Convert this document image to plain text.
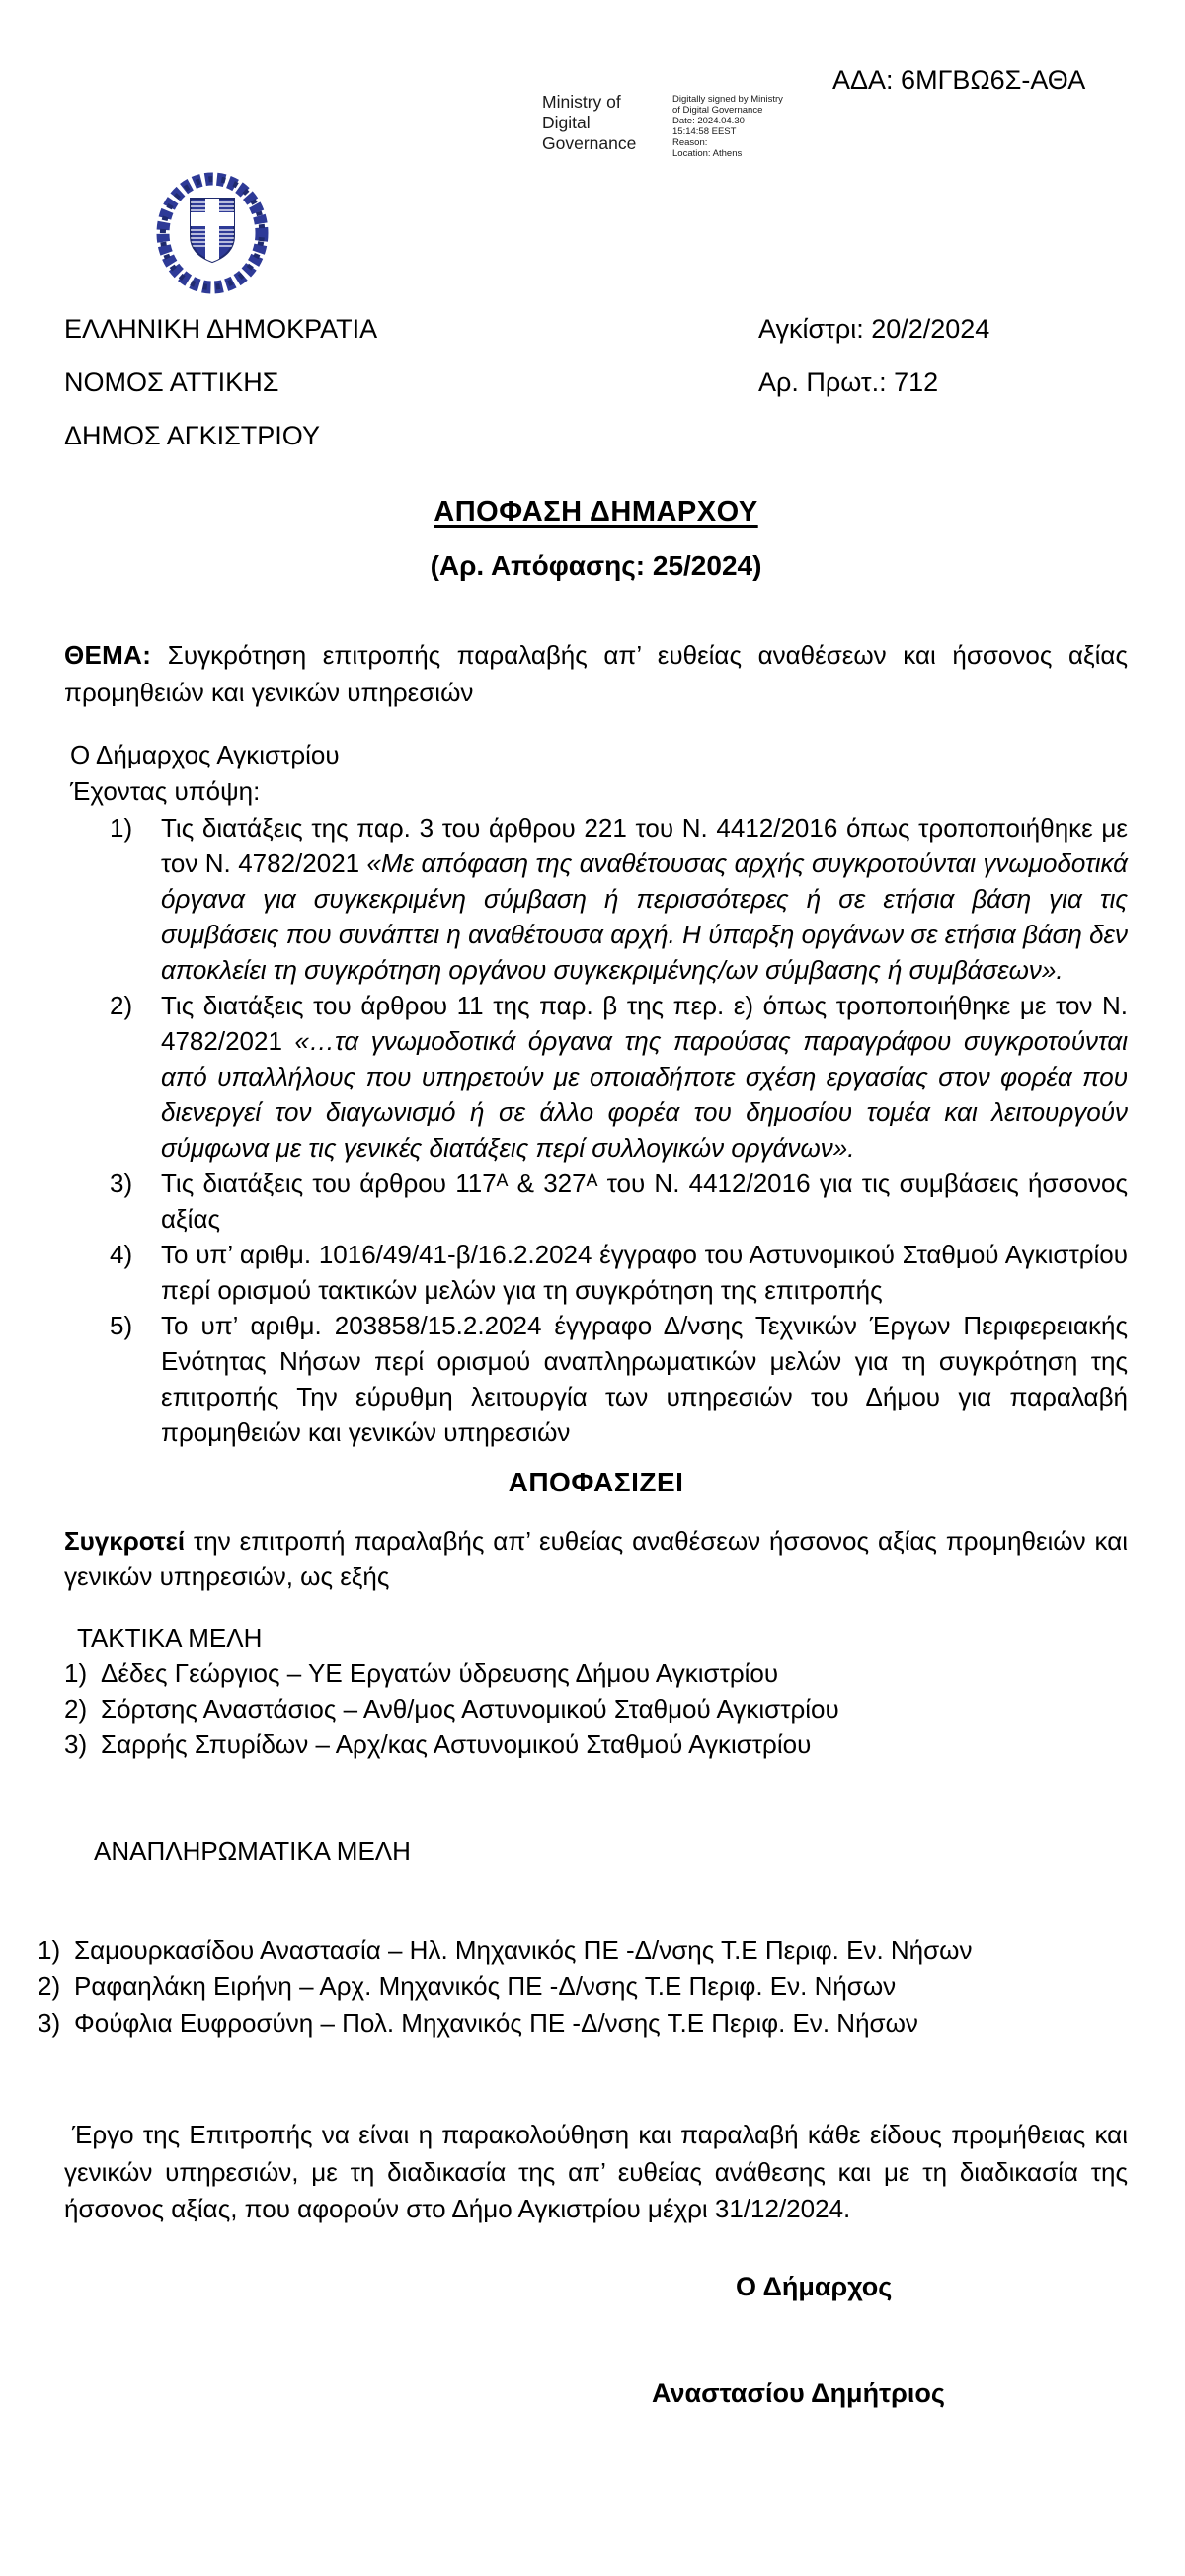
ΑΔΑ: 6ΜΓΒΩ6Σ-ΑΘΑ
Ministry of Digital Governance
Digitally signed by Ministry
of Digital Governance
Date: 2024.04.30
15:14:58 EEST
Reason:
Location: Athens
ΕΛΛΗΝΙΚΗ ΔΗΜΟΚΡΑΤΙΑ	Αγκίστρι: 20/2/2024
ΝΟΜΟΣ ΑΤΤΙΚΗΣ	Αρ. Πρωτ.: 712
ΔΗΜΟΣ ΑΓΚΙΣΤΡΙΟΥ
ΑΠΟΦΑΣΗ ΔΗΜΑΡΧΟΥ
(Αρ. Απόφασης: 25/2024)

ΘΕΜΑ: Συγκρότηση επιτροπής παραλαβής απ’ ευθείας αναθέσεων και ήσσονος αξίας προμηθειών και γενικών υπηρεσιών

Ο Δήμαρχος Αγκιστρίου
Έχοντας υπόψη:
1) Τις διατάξεις της παρ. 3 του άρθρου 221 του Ν. 4412/2016 όπως τροποποιήθηκε με τον Ν. 4782/2021 «Με απόφαση της αναθέτουσας αρχής συγκροτούνται γνωμοδοτικά όργανα για συγκεκριμένη σύμβαση ή περισσότερες ή σε ετήσια βάση για τις συμβάσεις που συνάπτει η αναθέτουσα αρχή. Η ύπαρξη οργάνων σε ετήσια βάση δεν αποκλείει τη συγκρότηση οργάνου συγκεκριμένης/ων σύμβασης ή συμβάσεων».
2) Τις διατάξεις του άρθρου 11 της παρ. β της περ. ε) όπως τροποποιήθηκε με τον Ν. 4782/2021 «…τα γνωμοδοτικά όργανα της παρούσας παραγράφου συγκροτούνται από υπαλλήλους που υπηρετούν με οποιαδήποτε σχέση εργασίας στον φορέα που διενεργεί τον διαγωνισμό ή σε άλλο φορέα του δημοσίου τομέα και λειτουργούν σύμφωνα με τις γενικές διατάξεις περί συλλογικών οργάνων».
3) Τις διατάξεις του άρθρου 117ᴬ & 327ᴬ του Ν. 4412/2016 για τις συμβάσεις ήσσονος αξίας
4) Το υπ’ αριθμ. 1016/49/41-β/16.2.2024 έγγραφο του Αστυνομικού Σταθμού Αγκιστρίου περί ορισμού τακτικών μελών για τη συγκρότηση της επιτροπής
5) Το υπ’ αριθμ. 203858/15.2.2024 έγγραφο Δ/νσης Τεχνικών Έργων Περιφερειακής Ενότητας Νήσων περί ορισμού αναπληρωματικών μελών για τη συγκρότηση της επιτροπής Την εύρυθμη λειτουργία των υπηρεσιών του Δήμου για παραλαβή προμηθειών και γενικών υπηρεσιών
ΑΠΟΦΑΣΙΖΕΙ

Συγκροτεί την επιτροπή παραλαβής απ’ ευθείας αναθέσεων ήσσονος αξίας προμηθειών και γενικών υπηρεσιών, ως εξής

ΤΑΚΤΙΚΑ ΜΕΛΗ
1) Δέδες Γεώργιος – ΥΕ Εργατών ύδρευσης Δήμου Αγκιστρίου
2) Σόρτσης Αναστάσιος – Ανθ/μος Αστυνομικού Σταθμού Αγκιστρίου
3) Σαρρής Σπυρίδων – Αρχ/κας Αστυνομικού Σταθμού Αγκιστρίου
ΑΝΑΠΛΗΡΩΜΑΤΙΚΑ ΜΕΛΗ
1) Σαμουρκασίδου Αναστασία – Ηλ. Μηχανικός ΠΕ -Δ/νσης Τ.Ε Περιφ. Εν. Νήσων
2) Ραφαηλάκη Ειρήνη – Αρχ. Μηχανικός ΠΕ -Δ/νσης Τ.Ε Περιφ. Εν. Νήσων
3) Φούφλια Ευφροσύνη – Πολ. Μηχανικός ΠΕ -Δ/νσης Τ.Ε Περιφ. Εν. Νήσων

Έργο της Επιτροπής να είναι η παρακολούθηση και παραλαβή κάθε είδους προμήθειας και γενικών υπηρεσιών, με τη διαδικασία της απ’ ευθείας ανάθεσης και με τη διαδικασία της ήσσονος αξίας, που αφορούν στο Δήμο Αγκιστρίου μέχρι 31/12/2024.

Ο Δήμαρχος
Αναστασίου Δημήτριος
